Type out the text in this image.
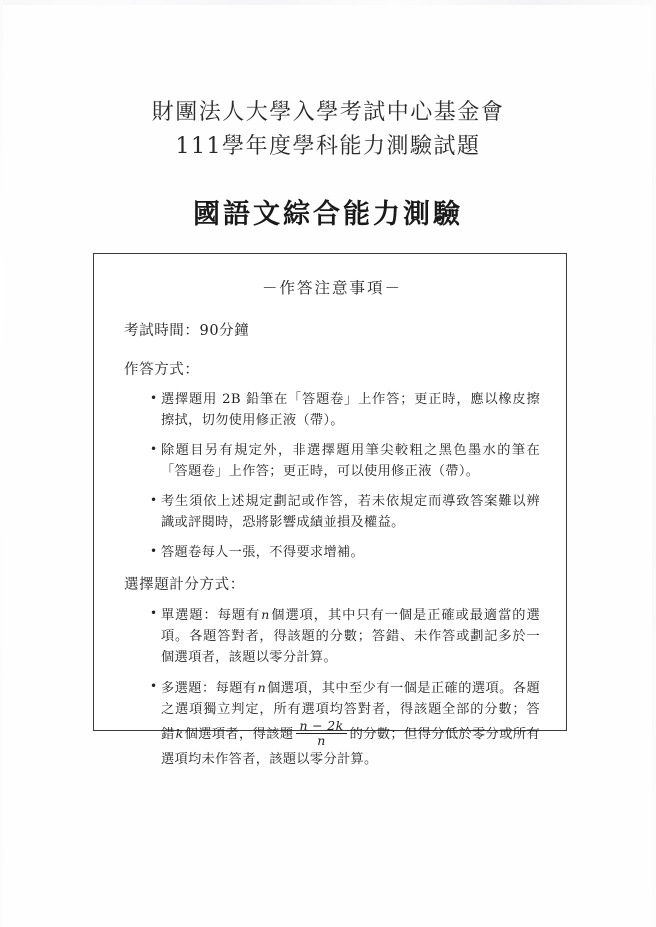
財團法人大學入學考試中心基金會
111學年度學科能力測驗試題
國語文綜合能力測驗
－作答注意事項－
考試時間：90分鐘
作答方式：
• 選擇題用 2B 鉛筆在「答題卷」上作答；更正時，應以橡皮擦擦拭，切勿使用修正液（帶）。
• 除題目另有規定外，非選擇題用筆尖較粗之黑色墨水的筆在「答題卷」上作答；更正時，可以使用修正液（帶）。
• 考生須依上述規定劃記或作答，若未依規定而導致答案難以辨識或評閱時，恐將影響成績並損及權益。
• 答題卷每人一張，不得要求增補。
選擇題計分方式：
• 單選題：每題有n個選項，其中只有一個是正確或最適當的選項。各題答對者，得該題的分數；答錯、未作答或劃記多於一個選項者，該題以零分計算。
• 多選題：每題有n個選項，其中至少有一個是正確的選項。各題之選項獨立判定，所有選項均答對者，得該題全部的分數；答錯k個選項者，得該題 $\frac{n - 2k}{n}$ 的分數；但得分低於零分或所有選項均未作答者，該題以零分計算。
